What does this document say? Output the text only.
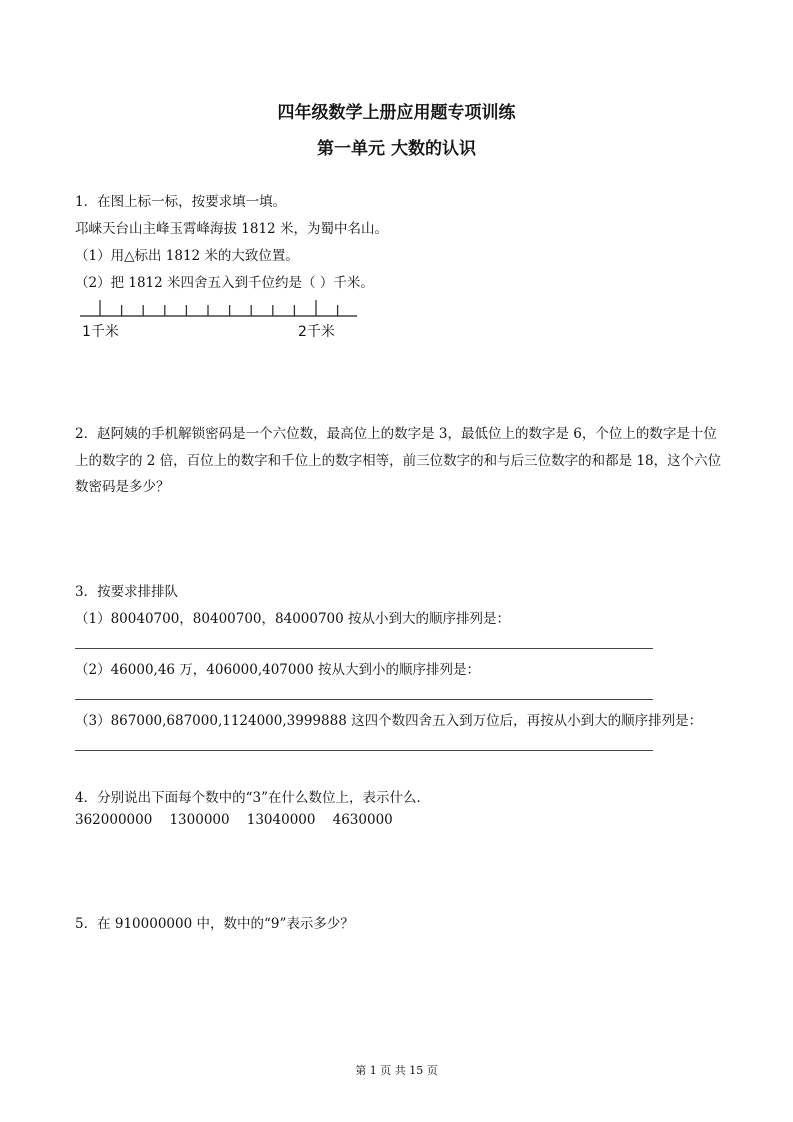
四年级数学上册应用题专项训练
第一单元 大数的认识
1．在图上标一标，按要求填一填。
邛崃天台山主峰玉霄峰海拔 1812 米，为蜀中名山。
（1）用△标出 1812 米的大致位置。
（2）把 1812 米四舍五入到千位约是（ ）千米。
1千米	2千米
2．赵阿姨的手机解锁密码是一个六位数，最高位上的数字是 3，最低位上的数字是 6，个位上的数字是十位上的数字的 2 倍，百位上的数字和千位上的数字相等，前三位数字的和与后三位数字的和都是 18，这个六位数密码是多少？
3．按要求排排队
（1）80040700，80400700，84000700 按从小到大的顺序排列是：
（2）46000,46 万，406000,407000 按从大到小的顺序排列是：
（3）867000,687000,1124000,3999888 这四个数四舍五入到万位后，再按从小到大的顺序排列是：
4．分别说出下面每个数中的“3”在什么数位上，表示什么．
362000000    1300000    13040000    4630000
5．在 910000000 中，数中的“9”表示多少？
第 1 页 共 15 页
